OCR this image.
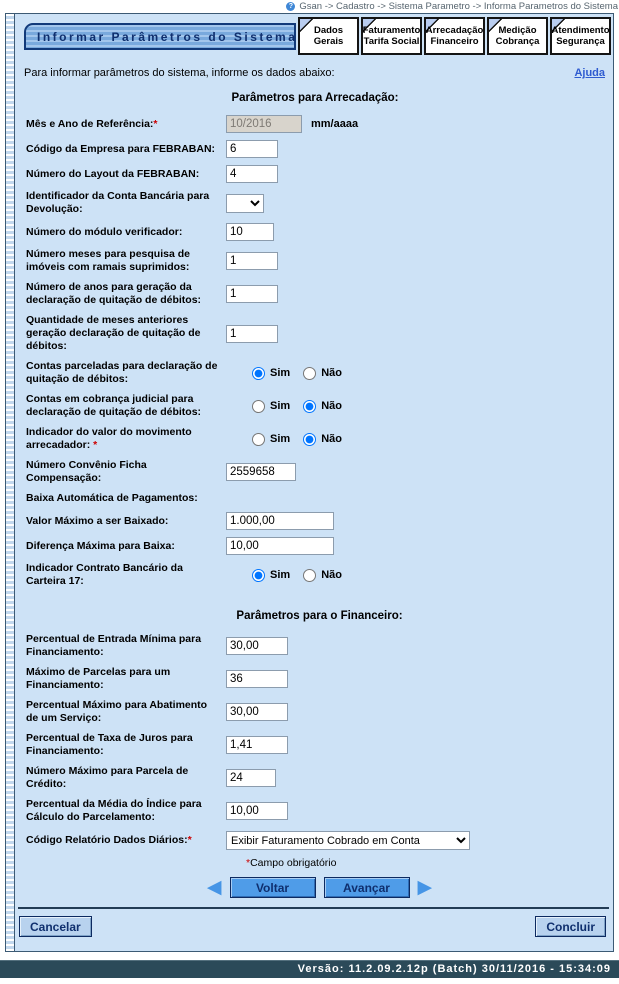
? Gsan -> Cadastro -> Sistema Parametro -> Informa Parametros do Sistema
Informar Parâmetros do Sistema	Dados Gerais
Faturamento Tarifa Social
Arrecadação Financeiro
Medição Cobrança
Atendimento Segurança
Para informar parâmetros do sistema, informe os dados abaixo:	Ajuda
Parâmetros para Arrecadação:
Mês e Ano de Referência:*
10/2016	mm/aaaa
Código da Empresa para FEBRABAN:
6
Número do Layout da FEBRABAN:
4
Identificador da Conta Bancária para Devolução:
Número do módulo verificador:
10
Número meses para pesquisa de imóveis com ramais suprimidos:
1
Número de anos para geração da declaração de quitação de débitos:
1
Quantidade de meses anteriores geração declaração de quitação de débitos:
1
Contas parceladas para declaração de quitação de débitos:	Sim	Não
Contas em cobrança judicial para declaração de quitação de débitos:	Sim	Não
Indicador do valor do movimento arrecadador: *	Sim	Não
Número Convênio Ficha Compensação:
2559658
Baixa Automática de Pagamentos:
Valor Máximo a ser Baixado:
1.000,00
Diferença Máxima para Baixa:
10,00
Indicador Contrato Bancário da Carteira 17:	Sim	Não
Parâmetros para o Financeiro:
Percentual de Entrada Mínima para Financiamento:
30,00
Máximo de Parcelas para um Financiamento:
36
Percentual Máximo para Abatimento de um Serviço:
30,00
Percentual de Taxa de Juros para Financiamento:
1,41
Número Máximo para Parcela de Crédito:
24
Percentual da Média do Índice para Cálculo do Parcelamento:
10,00
Código Relatório Dados Diários:*
Exibir Faturamento Cobrado em Conta
*Campo obrigatório
◀	Voltar	Avançar	▶
Cancelar	Concluir
Versão: 11.2.09.2.12p (Batch) 30/11/2016 - 15:34:09
